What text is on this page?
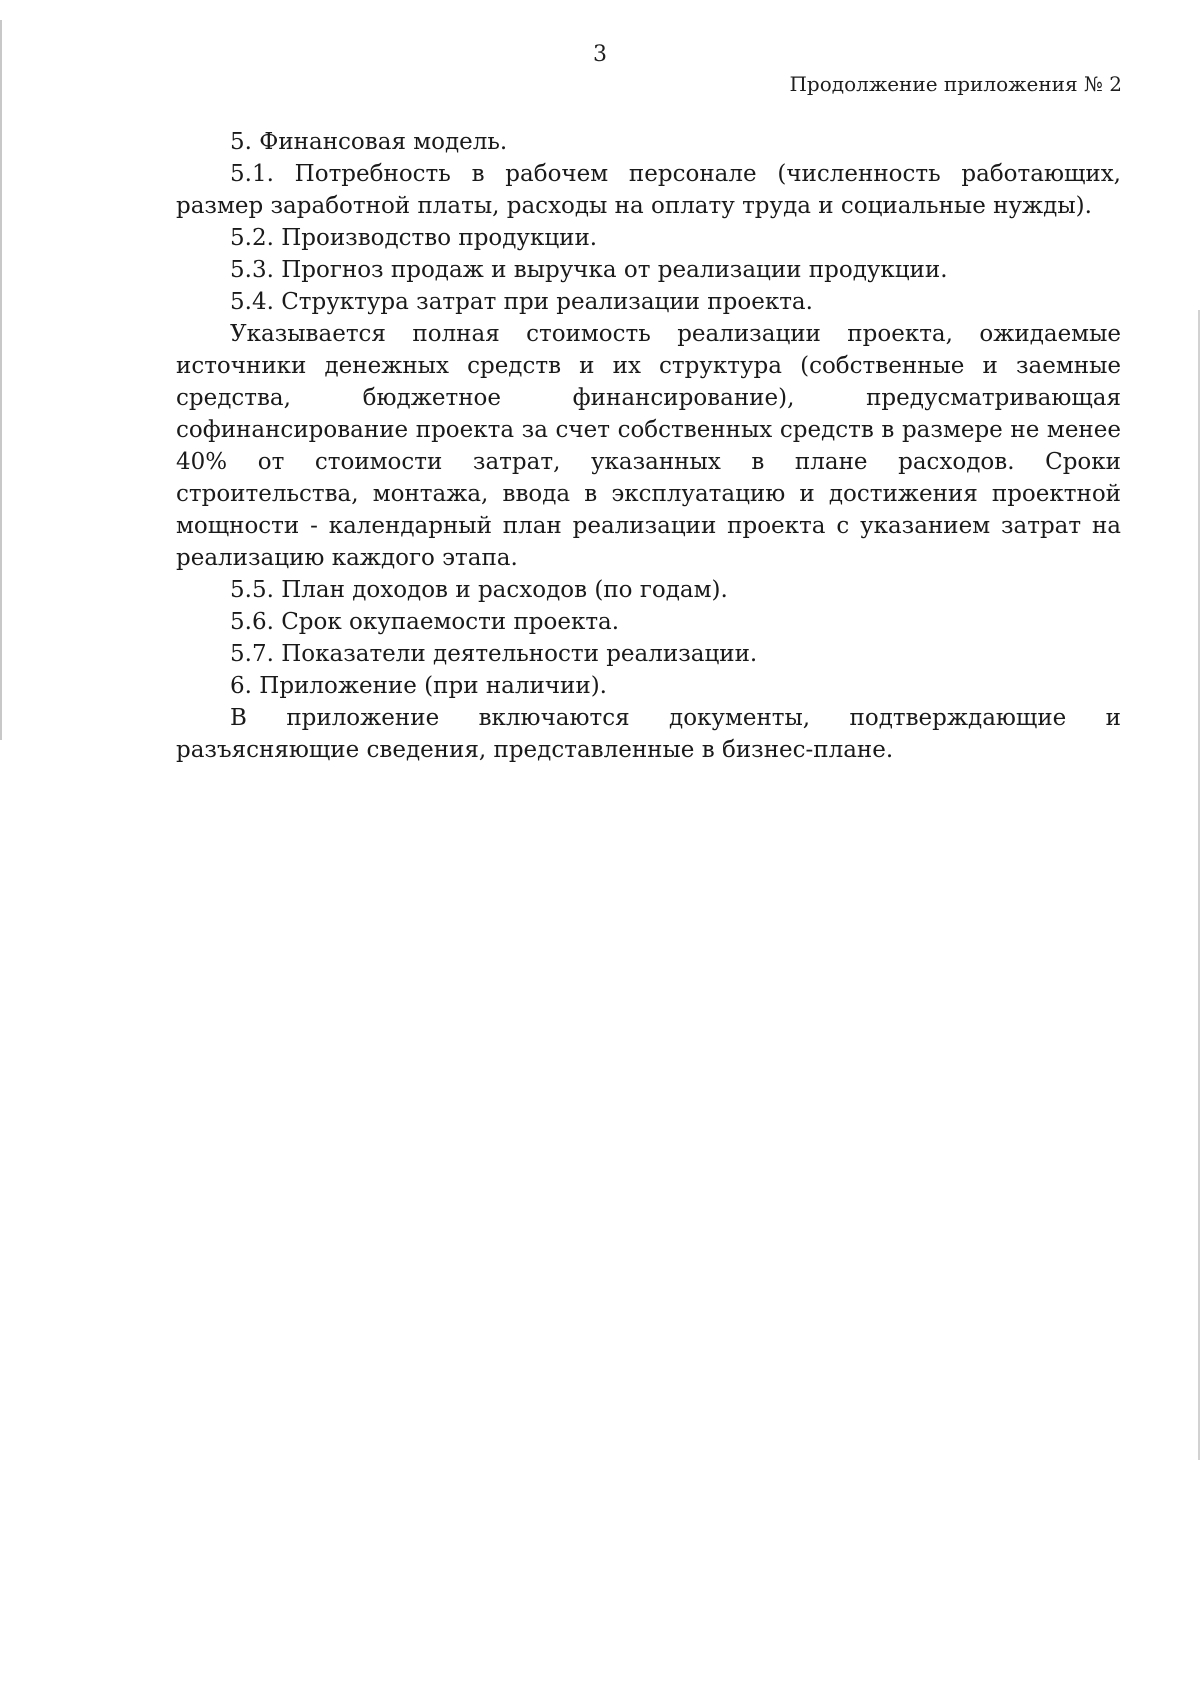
3
Продолжение приложения № 2

5. Финансовая модель.

5.1. Потребность в рабочем персонале (численность работающих, размер заработной платы, расходы на оплату труда и социальные нужды).

5.2. Производство продукции.

5.3. Прогноз продаж и выручка от реализации продукции.

5.4. Структура затрат при реализации проекта.

Указывается полная стоимость реализации проекта, ожидаемые источники денежных средств и их структура (собственные и заемные средства, бюджетное финансирование), предусматривающая софинансирование проекта за счет собственных средств в размере не менее 40% от стоимости затрат, указанных в плане расходов. Сроки строительства, монтажа, ввода в эксплуатацию и достижения проектной мощности - календарный план реализации проекта с указанием затрат на реализацию каждого этапа.

5.5. План доходов и расходов (по годам).

5.6. Срок окупаемости проекта.

5.7. Показатели деятельности реализации.

6. Приложение (при наличии).

В приложение включаются документы, подтверждающие и разъясняющие сведения, представленные в бизнес-плане.
